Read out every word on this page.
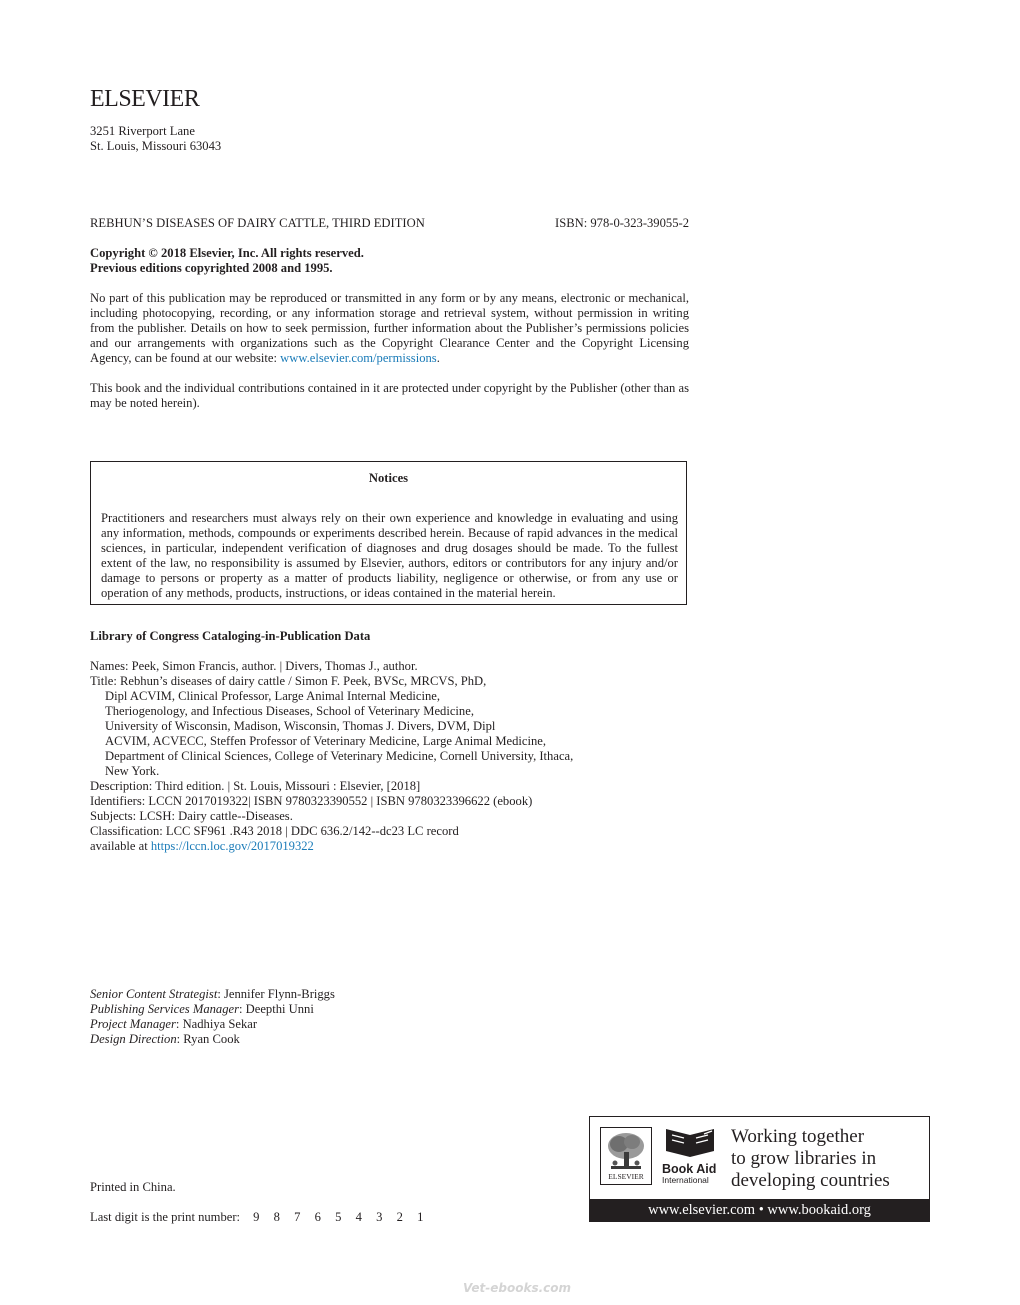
ELSEVIER
3251 Riverport Lane
St. Louis, Missouri 63043
REBHUN’S DISEASES OF DAIRY CATTLE, THIRD EDITION	ISBN: 978-0-323-39055-2
Copyright © 2018 Elsevier, Inc. All rights reserved.
Previous editions copyrighted 2008 and 1995.
No part of this publication may be reproduced or transmitted in any form or by any means, electronic or mechanical, including photocopying, recording, or any information storage and retrieval system, without permission in writing from the publisher. Details on how to seek permission, further information about the Publisher’s permissions policies and our arrangements with organizations such as the Copyright Clearance Center and the Copyright Licensing Agency, can be found at our website: www.elsevier.com/permissions.
This book and the individual contributions contained in it are protected under copyright by the Publisher (other than as may be noted herein).
Notices
Practitioners and researchers must always rely on their own experience and knowledge in evaluating and using any information, methods, compounds or experiments described herein. Because of rapid advances in the medical sciences, in particular, independent verification of diagnoses and drug dosages should be made. To the fullest extent of the law, no responsibility is assumed by Elsevier, authors, editors or contributors for any injury and/or damage to persons or property as a matter of products liability, negligence or otherwise, or from any use or operation of any methods, products, instructions, or ideas contained in the material herein.
Library of Congress Cataloging-in-Publication Data
Names: Peek, Simon Francis, author. | Divers, Thomas J., author.
Title: Rebhun’s diseases of dairy cattle / Simon F. Peek, BVSc, MRCVS, PhD,
Dipl ACVIM, Clinical Professor, Large Animal Internal Medicine,
Theriogenology, and Infectious Diseases, School of Veterinary Medicine,
University of Wisconsin, Madison, Wisconsin, Thomas J. Divers, DVM, Dipl
ACVIM, ACVECC, Steffen Professor of Veterinary Medicine, Large Animal Medicine,
Department of Clinical Sciences, College of Veterinary Medicine, Cornell University, Ithaca,
New York.
Description: Third edition. | St. Louis, Missouri : Elsevier, [2018]
Identifiers: LCCN 2017019322| ISBN 9780323390552 | ISBN 9780323396622 (ebook)
Subjects: LCSH: Dairy cattle--Diseases.
Classification: LCC SF961 .R43 2018 | DDC 636.2/142--dc23 LC record
available at https://lccn.loc.gov/2017019322
Senior Content Strategist: Jennifer Flynn-Briggs
Publishing Services Manager: Deepthi Unni
Project Manager: Nadhiya Sekar
Design Direction: Ryan Cook
Printed in China.
Last digit is the print number: 9 8 7 6 5 4 3 2 1
ELSEVIER
Book Aid
International
Working together
to grow libraries in
developing countries
www.elsevier.com • www.bookaid.org
Vet-ebooks.com
